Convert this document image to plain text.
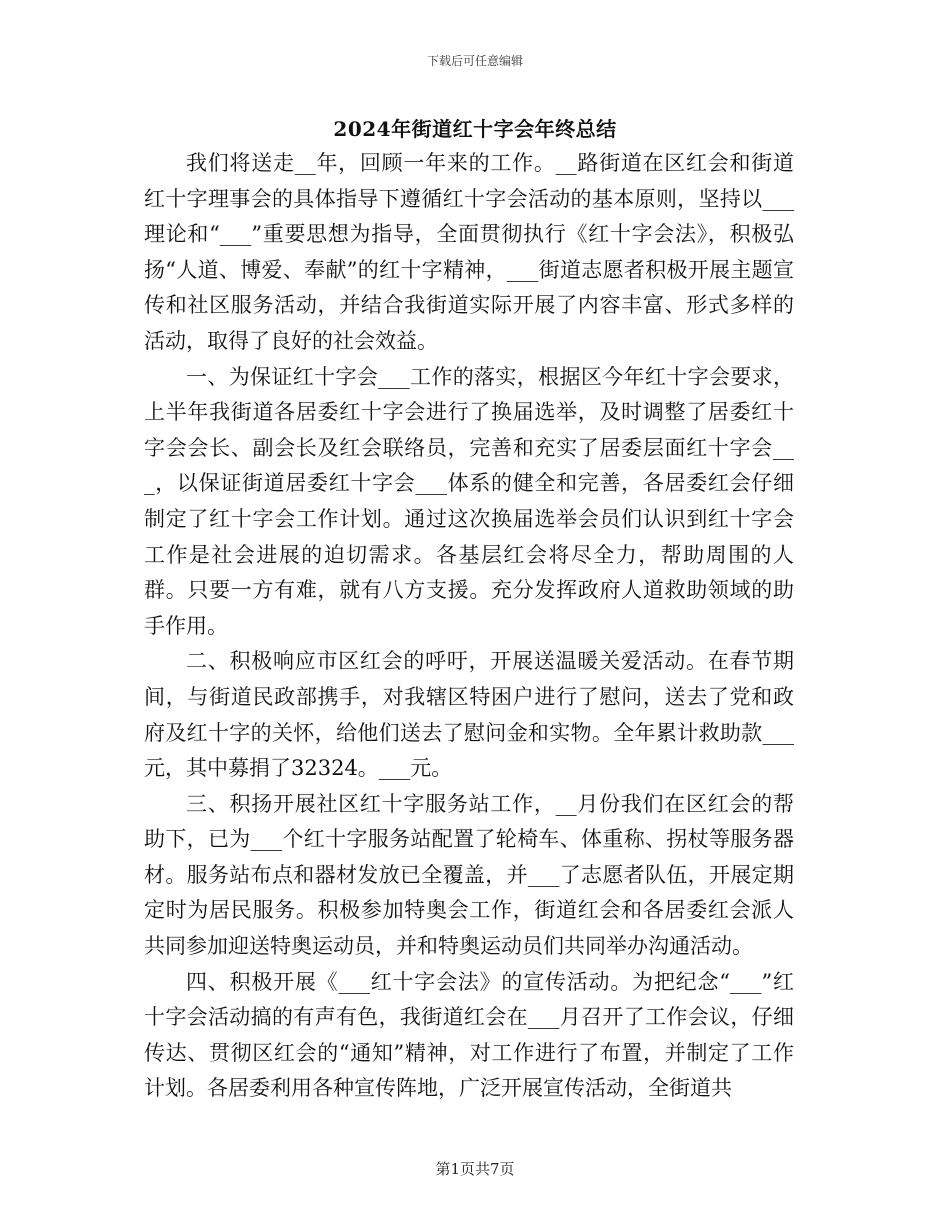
下载后可任意编辑
2024年街道红十字会年终总结

我们将送走__年，回顾一年来的工作。__路街道在区红会和街道红十字理事会的具体指导下遵循红十字会活动的基本原则，坚持以___理论和“___”重要思想为指导，全面贯彻执行《红十字会法》，积极弘扬“人道、博爱、奉献”的红十字精神，___街道志愿者积极开展主题宣传和社区服务活动，并结合我街道实际开展了内容丰富、形式多样的活动，取得了良好的社会效益。

一、为保证红十字会___工作的落实，根据区今年红十字会要求，上半年我街道各居委红十字会进行了换届选举，及时调整了居委红十字会会长、副会长及红会联络员，完善和充实了居委层面红十字会___，以保证街道居委红十字会___体系的健全和完善，各居委红会仔细制定了红十字会工作计划。通过这次换届选举会员们认识到红十字会工作是社会进展的迫切需求。各基层红会将尽全力，帮助周围的人群。只要一方有难，就有八方支援。充分发挥政府人道救助领域的助手作用。

二、积极响应市区红会的呼吁，开展送温暖关爱活动。在春节期间，与街道民政部携手，对我辖区特困户进行了慰问，送去了党和政府及红十字的关怀，给他们送去了慰问金和实物。全年累计救助款___元，其中募捐了32324。___元。

三、积扬开展社区红十字服务站工作，__月份我们在区红会的帮助下，已为___个红十字服务站配置了轮椅车、体重称、拐杖等服务器材。服务站布点和器材发放已全覆盖，并___了志愿者队伍，开展定期定时为居民服务。积极参加特奥会工作，街道红会和各居委红会派人共同参加迎送特奥运动员，并和特奥运动员们共同举办沟通活动。

四、积极开展《___红十字会法》的宣传活动。为把纪念“___”红十字会活动搞的有声有色，我街道红会在___月召开了工作会议，仔细传达、贯彻区红会的“通知”精神，对工作进行了布置，并制定了工作计划。各居委利用各种宣传阵地，广泛开展宣传活动，全街道共

第1页共7页
